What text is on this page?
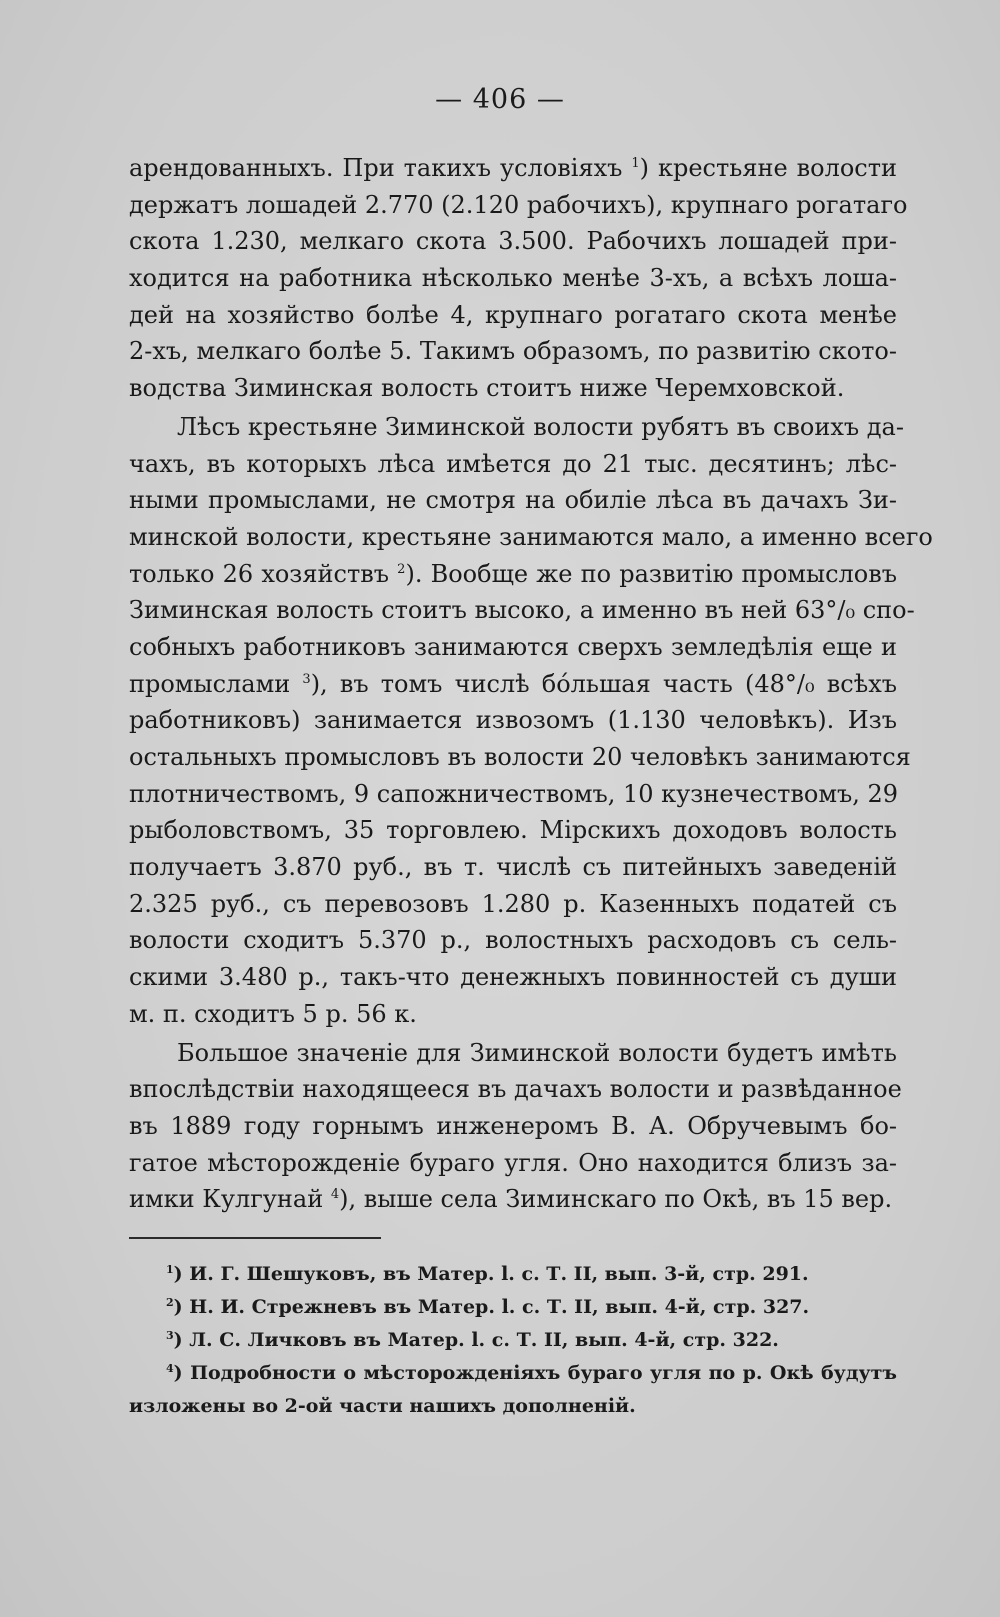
— 406 —
арендованныхъ. При такихъ условіяхъ $^1$) крестьяне волости
держатъ лошадей 2.770 (2.120 рабочихъ), крупнаго рогатаго
скота 1.230, мелкаго скота 3.500. Рабочихъ лошадей при-
ходится на работника нѣсколько менѣе 3-хъ, а всѣхъ лоша-
дей на хозяйство болѣе 4, крупнаго рогатаго скота менѣе
2-хъ, мелкаго болѣе 5. Такимъ образомъ, по развитію ското-
водства Зиминская волость стоитъ ниже Черемховской.
Лѣсъ крестьяне Зиминской волости рубятъ въ своихъ да-
чахъ, въ которыхъ лѣса имѣется до 21 тыс. десятинъ; лѣс-
ными промыслами, не смотря на обиліе лѣса въ дачахъ Зи-
минской волости, крестьяне занимаются мало, а именно всего
только 26 хозяйствъ $^2$). Вообще же по развитію промысловъ
Зиминская волость стоитъ высоко, а именно въ ней 63°/₀ спо-
собныхъ работниковъ занимаются сверхъ земледѣлія еще и
промыслами $^3$), въ томъ числѣ бо́льшая часть (48°/₀ всѣхъ
работниковъ) занимается извозомъ (1.130 человѣкъ). Изъ
остальныхъ промысловъ въ волости 20 человѣкъ занимаются
плотничествомъ, 9 сапожничествомъ, 10 кузнечествомъ, 29
рыболовствомъ, 35 торговлею. Мірскихъ доходовъ волость
получаетъ 3.870 руб., въ т. числѣ съ питейныхъ заведеній
2.325 руб., съ перевозовъ 1.280 р. Казенныхъ податей съ
волости сходитъ 5.370 р., волостныхъ расходовъ съ сель-
скими 3.480 р., такъ-что денежныхъ повинностей съ души
м. п. сходитъ 5 р. 56 к.
Большое значеніе для Зиминской волости будетъ имѣть
впослѣдствіи находящееся въ дачахъ волости и развѣданное
въ 1889 году горнымъ инженеромъ В. А. Обручевымъ бо-
гатое мѣсторожденіе бураго угля. Оно находится близъ за-
имки Кулгунай $^4$), выше села Зиминскаго по Окѣ, въ 15 вер.
$^1$) И. Г. Шешуковъ, въ Матер. l. с. Т. II, вып. 3-й, стр. 291.
$^2$) Н. И. Стрежневъ въ Матер. l. с. Т. II, вып. 4-й, стр. 327.
$^3$) Л. С. Личковъ въ Матер. l. с. Т. II, вып. 4-й, стр. 322.
$^4$) Подробности о мѣсторожденіяхъ бураго угля по р. Окѣ будутъ
изложены во 2-ой части нашихъ дополненій.
